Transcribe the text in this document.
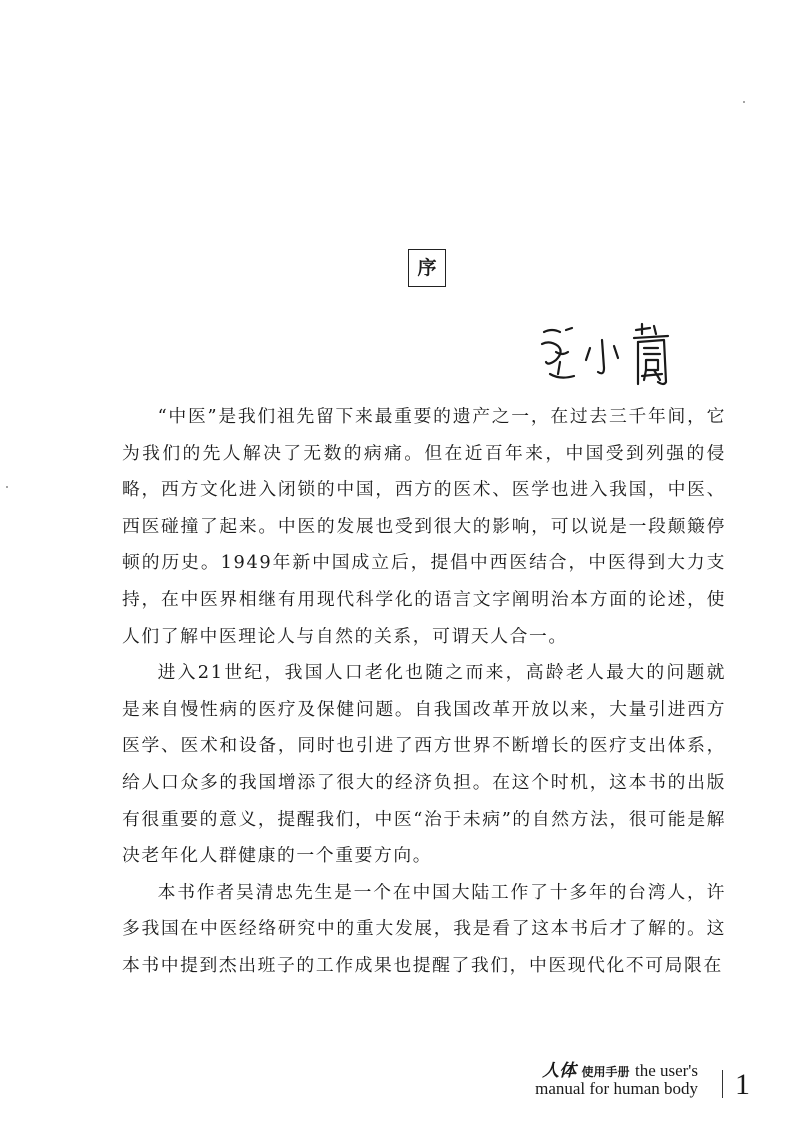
序

“中医”是我们祖先留下来最重要的遗产之一，在过去三千年间，它为我们的先人解决了无数的病痛。但在近百年来，中国受到列强的侵略，西方文化进入闭锁的中国，西方的医术、医学也进入我国，中医、西医碰撞了起来。中医的发展也受到很大的影响，可以说是一段颠簸停顿的历史。1949年新中国成立后，提倡中西医结合，中医得到大力支持，在中医界相继有用现代科学化的语言文字阐明治本方面的论述，使人们了解中医理论人与自然的关系，可谓天人合一。

进入21世纪，我国人口老化也随之而来，高龄老人最大的问题就是来自慢性病的医疗及保健问题。自我国改革开放以来，大量引进西方医学、医术和设备，同时也引进了西方世界不断增长的医疗支出体系，给人口众多的我国增添了很大的经济负担。在这个时机，这本书的出版有很重要的意义，提醒我们，中医“治于未病”的自然方法，很可能是解决老年化人群健康的一个重要方向。

本书作者吴清忠先生是一个在中国大陆工作了十多年的台湾人，许多我国在中医经络研究中的重大发展，我是看了这本书后才了解的。这本书中提到杰出班子的工作成果也提醒了我们，中医现代化不可局限在

人体 使用手册 the user's
manual for human body 1
